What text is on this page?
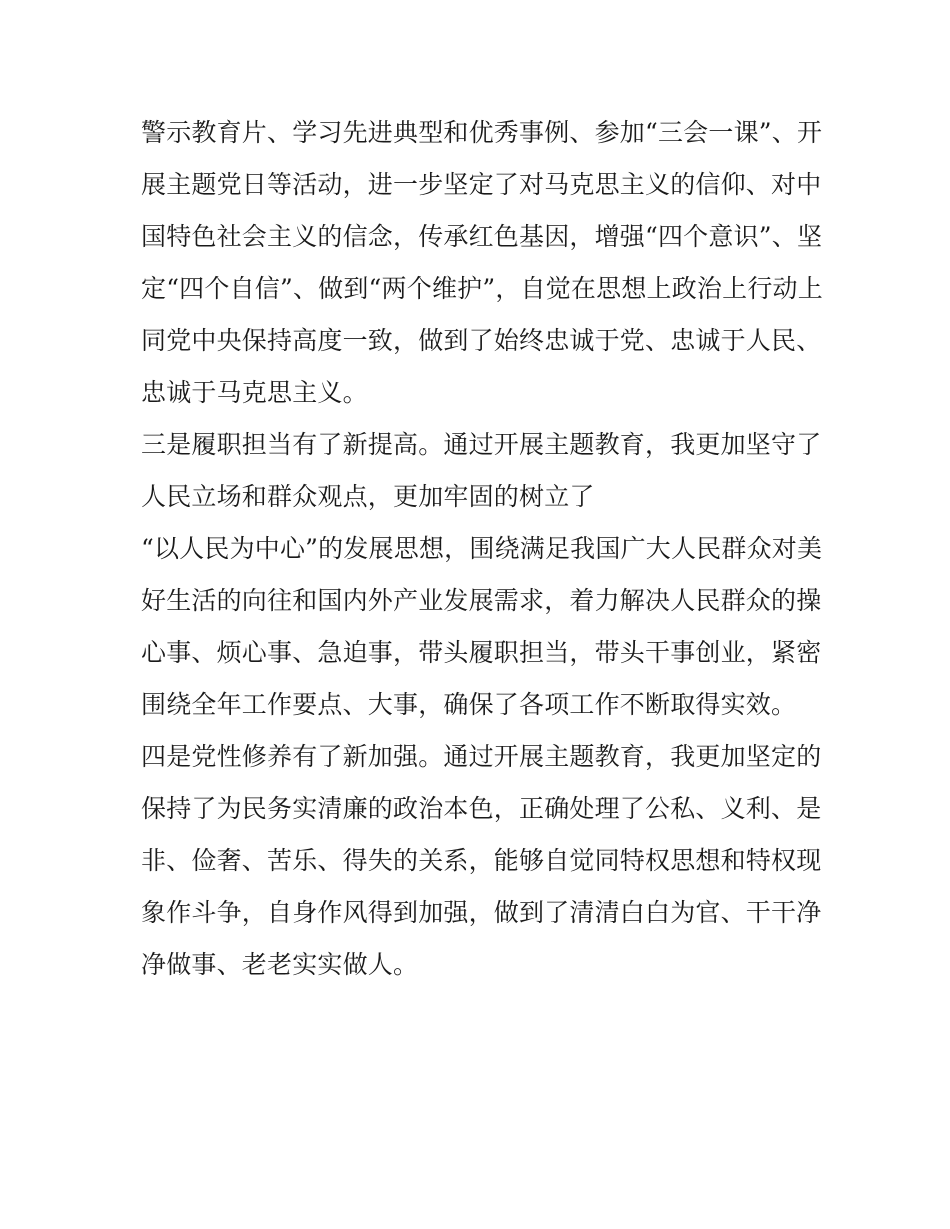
警示教育片、学习先进典型和优秀事例、参加“三会一课”、开
展主题党日等活动，进一步坚定了对马克思主义的信仰、对中
国特色社会主义的信念，传承红色基因，增强“四个意识”、坚
定“四个自信”、做到“两个维护”，自觉在思想上政治上行动上
同党中央保持高度一致，做到了始终忠诚于党、忠诚于人民、
忠诚于马克思主义。
三是履职担当有了新提高。通过开展主题教育，我更加坚守了
人民立场和群众观点，更加牢固的树立了
“以人民为中心”的发展思想，围绕满足我国广大人民群众对美
好生活的向往和国内外产业发展需求，着力解决人民群众的操
心事、烦心事、急迫事，带头履职担当，带头干事创业，紧密
围绕全年工作要点、大事，确保了各项工作不断取得实效。
四是党性修养有了新加强。通过开展主题教育，我更加坚定的
保持了为民务实清廉的政治本色，正确处理了公私、义利、是
非、俭奢、苦乐、得失的关系，能够自觉同特权思想和特权现
象作斗争，自身作风得到加强，做到了清清白白为官、干干净
净做事、老老实实做人。
